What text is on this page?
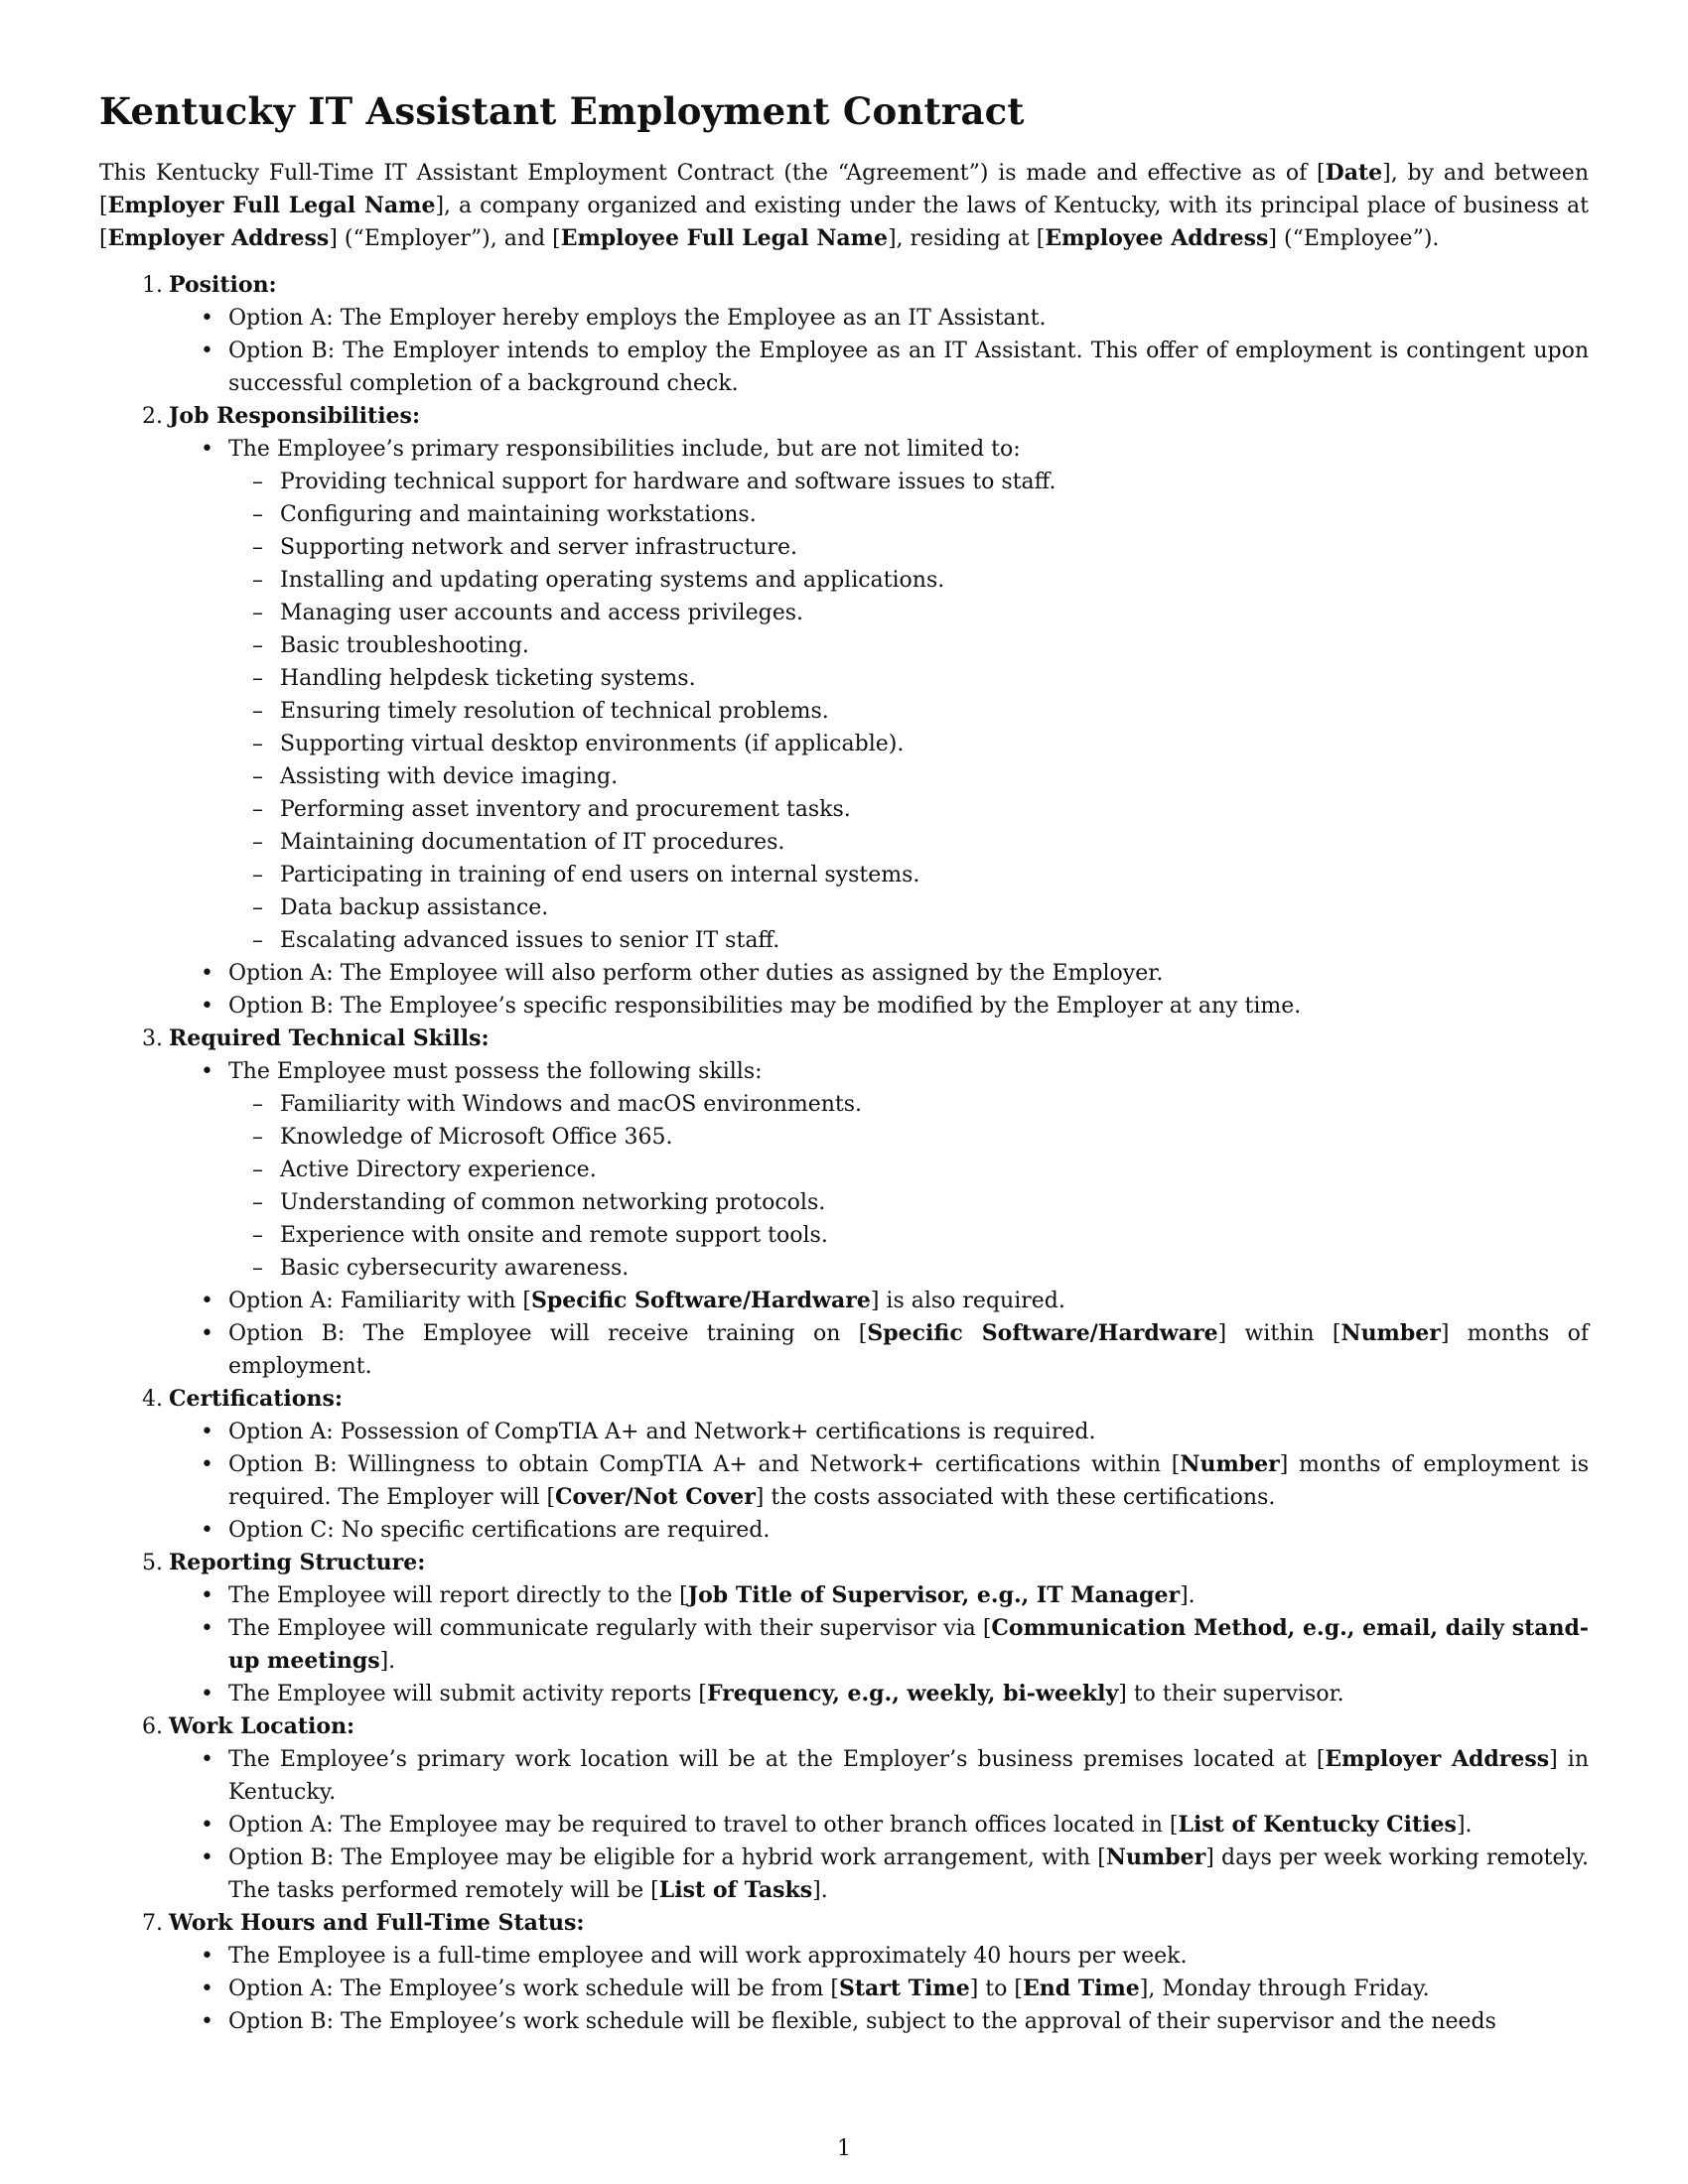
Kentucky IT Assistant Employment Contract

This Kentucky Full-Time IT Assistant Employment Contract (the “Agreement”) is made and effective as of [Date], by and between [Employer Full Legal Name], a company organized and existing under the laws of Kentucky, with its principal place of business at [Employer Address] (“Employer”), and [Employee Full Legal Name], residing at [Employee Address] (“Employee”).

1. Position:
• Option A: The Employer hereby employs the Employee as an IT Assistant.
• Option B: The Employer intends to employ the Employee as an IT Assistant. This offer of employment is contingent upon successful completion of a background check.
2. Job Responsibilities:
• The Employee’s primary responsibilities include, but are not limited to:
– Providing technical support for hardware and software issues to staff.
– Configuring and maintaining workstations.
– Supporting network and server infrastructure.
– Installing and updating operating systems and applications.
– Managing user accounts and access privileges.
– Basic troubleshooting.
– Handling helpdesk ticketing systems.
– Ensuring timely resolution of technical problems.
– Supporting virtual desktop environments (if applicable).
– Assisting with device imaging.
– Performing asset inventory and procurement tasks.
– Maintaining documentation of IT procedures.
– Participating in training of end users on internal systems.
– Data backup assistance.
– Escalating advanced issues to senior IT staff.
• Option A: The Employee will also perform other duties as assigned by the Employer.
• Option B: The Employee’s specific responsibilities may be modified by the Employer at any time.
3. Required Technical Skills:
• The Employee must possess the following skills:
– Familiarity with Windows and macOS environments.
– Knowledge of Microsoft Office 365.
– Active Directory experience.
– Understanding of common networking protocols.
– Experience with onsite and remote support tools.
– Basic cybersecurity awareness.
• Option A: Familiarity with [Specific Software/Hardware] is also required.
• Option B: The Employee will receive training on [Specific Software/Hardware] within [Number] months of employment.
4. Certifications:
• Option A: Possession of CompTIA A+ and Network+ certifications is required.
• Option B: Willingness to obtain CompTIA A+ and Network+ certifications within [Number] months of employment is required. The Employer will [Cover/Not Cover] the costs associated with these certifications.
• Option C: No specific certifications are required.
5. Reporting Structure:
• The Employee will report directly to the [Job Title of Supervisor, e.g., IT Manager].
• The Employee will communicate regularly with their supervisor via [Communication Method, e.g., email, daily stand-up meetings].
• The Employee will submit activity reports [Frequency, e.g., weekly, bi-weekly] to their supervisor.
6. Work Location:
• The Employee’s primary work location will be at the Employer’s business premises located at [Employer Address] in Kentucky.
• Option A: The Employee may be required to travel to other branch offices located in [List of Kentucky Cities].
• Option B: The Employee may be eligible for a hybrid work arrangement, with [Number] days per week working remotely. The tasks performed remotely will be [List of Tasks].
7. Work Hours and Full-Time Status:
• The Employee is a full-time employee and will work approximately 40 hours per week.
• Option A: The Employee’s work schedule will be from [Start Time] to [End Time], Monday through Friday.
• Option B: The Employee’s work schedule will be flexible, subject to the approval of their supervisor and the needs
1
